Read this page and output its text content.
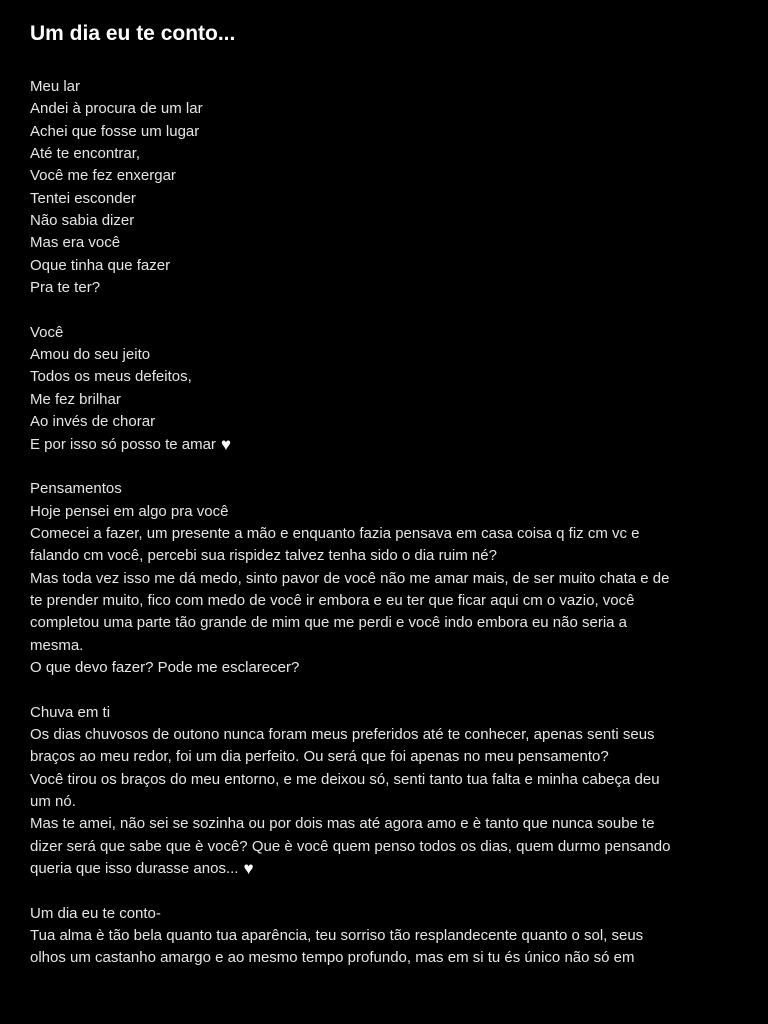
Um dia eu te conto...
Meu lar
Andei à procura de um lar
Achei que fosse um lugar
Até te encontrar,
Você me fez enxergar
Tentei esconder
Não sabia dizer
Mas era você
Oque tinha que fazer
Pra te ter?
Você
Amou do seu jeito
Todos os meus defeitos,
Me fez brilhar
Ao invés de chorar
E por isso só posso te amar ♥
Pensamentos
Hoje pensei em algo pra você
Comecei a fazer, um presente a mão e enquanto fazia pensava em casa coisa q fiz cm vc e
falando cm você, percebi sua rispidez talvez tenha sido o dia ruim né?
Mas toda vez isso me dá medo, sinto pavor de você não me amar mais, de ser muito chata e de
te prender muito, fico com medo de você ir embora e eu ter que ficar aqui cm o vazio, você
completou uma parte tão grande de mim que me perdi e você indo embora eu não seria a
mesma.
O que devo fazer? Pode me esclarecer?
Chuva em ti
Os dias chuvosos de outono nunca foram meus preferidos até te conhecer, apenas senti seus
braços ao meu redor, foi um dia perfeito. Ou será que foi apenas no meu pensamento?
Você tirou os braços do meu entorno, e me deixou só, senti tanto tua falta e minha cabeça deu
um nó.
Mas te amei, não sei se sozinha ou por dois mas até agora amo e è tanto que nunca soube te
dizer será que sabe que è você? Que è você quem penso todos os dias, quem durmo pensando
queria que isso durasse anos... ♥
Um dia eu te conto-
Tua alma è tão bela quanto tua aparência, teu sorriso tão resplandecente quanto o sol, seus
olhos um castanho amargo e ao mesmo tempo profundo, mas em si tu és único não só em
